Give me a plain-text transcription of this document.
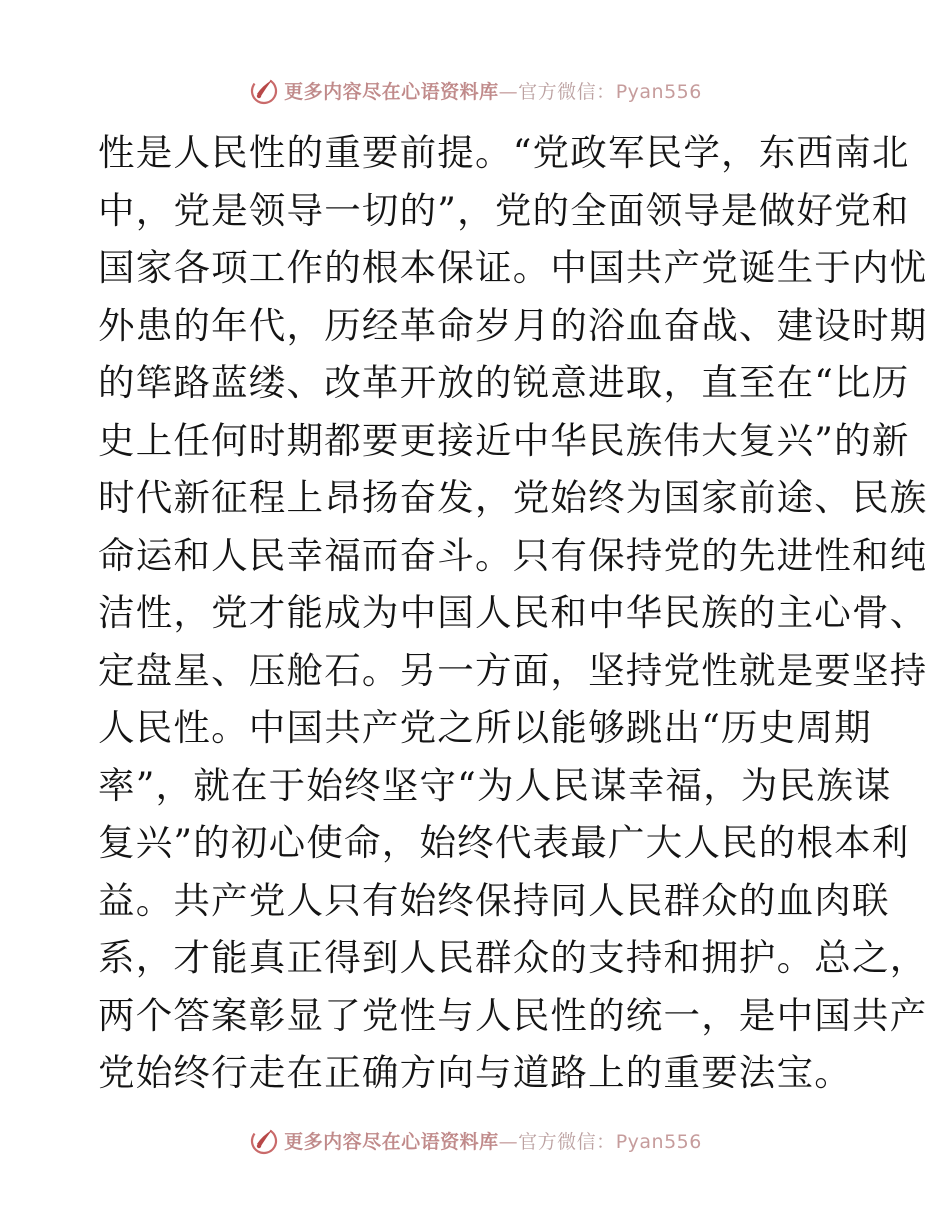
更多内容尽在心语资料库—官方微信：Pyan556
性是人民性的重要前提。“党政军民学，东西南北
中，党是领导一切的”，党的全面领导是做好党和
国家各项工作的根本保证。中国共产党诞生于内忧
外患的年代，历经革命岁月的浴血奋战、建设时期
的筚路蓝缕、改革开放的锐意进取，直至在“比历
史上任何时期都要更接近中华民族伟大复兴”的新
时代新征程上昂扬奋发，党始终为国家前途、民族
命运和人民幸福而奋斗。只有保持党的先进性和纯
洁性，党才能成为中国人民和中华民族的主心骨、
定盘星、压舱石。另一方面，坚持党性就是要坚持
人民性。中国共产党之所以能够跳出“历史周期
率”，就在于始终坚守“为人民谋幸福，为民族谋
复兴”的初心使命，始终代表最广大人民的根本利
益。共产党人只有始终保持同人民群众的血肉联
系，才能真正得到人民群众的支持和拥护。总之，
两个答案彰显了党性与人民性的统一，是中国共产
党始终行走在正确方向与道路上的重要法宝。
更多内容尽在心语资料库—官方微信：Pyan556
